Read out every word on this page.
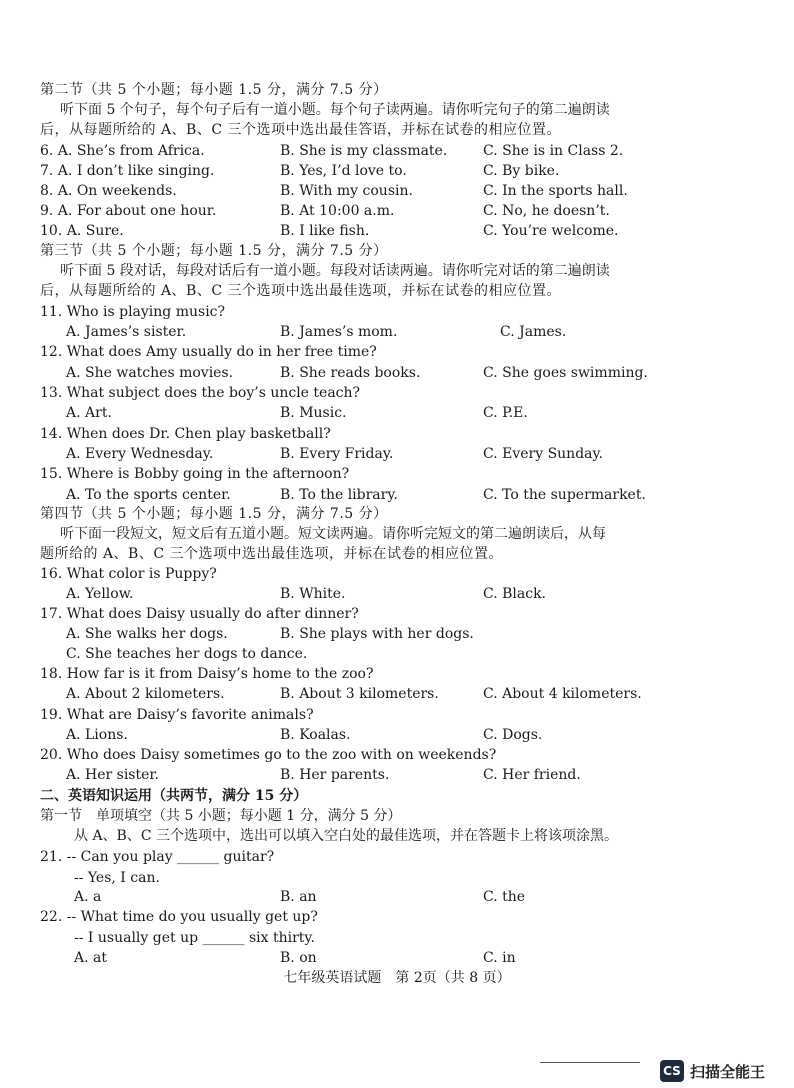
第二节（共 5 个小题；每小题 1.5 分，满分 7.5 分）
听下面 5 个句子，每个句子后有一道小题。每个句子读两遍。请你听完句子的第二遍朗读
后，从每题所给的 A、B、C 三个选项中选出最佳答语，并标在试卷的相应位置。
6. A. She’s from Africa.	B. She is my classmate.	C. She is in Class 2.
7. A. I don’t like singing.	B. Yes, I’d love to.	C. By bike.
8. A. On weekends.	B. With my cousin.	C. In the sports hall.
9. A. For about one hour.	B. At 10:00 a.m.	C. No, he doesn’t.
10. A. Sure.	B. I like fish.	C. You’re welcome.
第三节（共 5 个小题；每小题 1.5 分，满分 7.5 分）
听下面 5 段对话，每段对话后有一道小题。每段对话读两遍。请你听完对话的第二遍朗读
后，从每题所给的 A、B、C 三个选项中选出最佳选项，并标在试卷的相应位置。
11. Who is playing music?
A. James’s sister.	B. James’s mom.	C. James.
12. What does Amy usually do in her free time?
A. She watches movies.	B. She reads books.	C. She goes swimming.
13. What subject does the boy’s uncle teach?
A. Art.	B. Music.	C. P.E.
14. When does Dr. Chen play basketball?
A. Every Wednesday.	B. Every Friday.	C. Every Sunday.
15. Where is Bobby going in the afternoon?
A. To the sports center.	B. To the library.	C. To the supermarket.
第四节（共 5 个小题；每小题 1.5 分，满分 7.5 分）
听下面一段短文，短文后有五道小题。短文读两遍。请你听完短文的第二遍朗读后，从每
题所给的 A、B、C 三个选项中选出最佳选项，并标在试卷的相应位置。
16. What color is Puppy?
A. Yellow.	B. White.	C. Black.
17. What does Daisy usually do after dinner?
A. She walks her dogs.	B. She plays with her dogs.
C. She teaches her dogs to dance.
18. How far is it from Daisy’s home to the zoo?
A. About 2 kilometers.	B. About 3 kilometers.	C. About 4 kilometers.
19. What are Daisy’s favorite animals?
A. Lions.	B. Koalas.	C. Dogs.
20. Who does Daisy sometimes go to the zoo with on weekends?
A. Her sister.	B. Her parents.	C. Her friend.
二、英语知识运用（共两节，满分 15 分）
第一节　单项填空（共 5 小题；每小题 1 分，满分 5 分）
从 A、B、C 三个选项中，选出可以填入空白处的最佳选项，并在答题卡上将该项涂黑。
21. -- Can you play ______ guitar?
-- Yes, I can.
A. a	B. an	C. the
22. -- What time do you usually get up?
-- I usually get up ______ six thirty.
A. at	B. on	C. in
七年级英语试题　第 2页（共 8 页）
CS 扫描全能王
